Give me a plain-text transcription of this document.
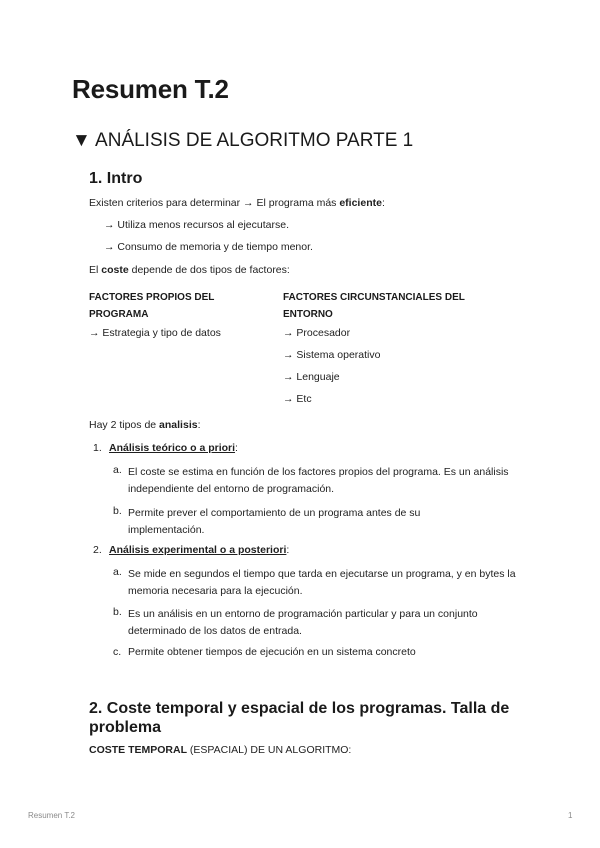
Resumen T.2
▼ ANÁLISIS DE ALGORITMO PARTE 1
1. Intro
Existen criterios para determinar → El programa más eficiente:
→ Utiliza menos recursos al ejecutarse.
→ Consumo de memoria y de tiempo menor.
El coste depende de dos tipos de factores:
FACTORES PROPIOS DEL PROGRAMA
→ Estrategia y tipo de datos
FACTORES CIRCUNSTANCIALES DEL ENTORNO
→ Procesador
→ Sistema operativo
→ Lenguaje
→ Etc
Hay 2 tipos de analisis:
1. Análisis teórico o a priori:
a. El coste se estima en función de los factores propios del programa. Es un análisis independiente del entorno de programación.
b. Permite prever el comportamiento de un programa antes de su implementación.
2. Análisis experimental o a posteriori:
a. Se mide en segundos el tiempo que tarda en ejecutarse un programa, y en bytes la memoria necesaria para la ejecución.
b. Es un análisis en un entorno de programación particular y para un conjunto determinado de los datos de entrada.
c. Permite obtener tiempos de ejecución en un sistema concreto
2. Coste temporal y espacial de los programas. Talla de problema
COSTE TEMPORAL (ESPACIAL) DE UN ALGORITMO:
Resumen T.2	1
